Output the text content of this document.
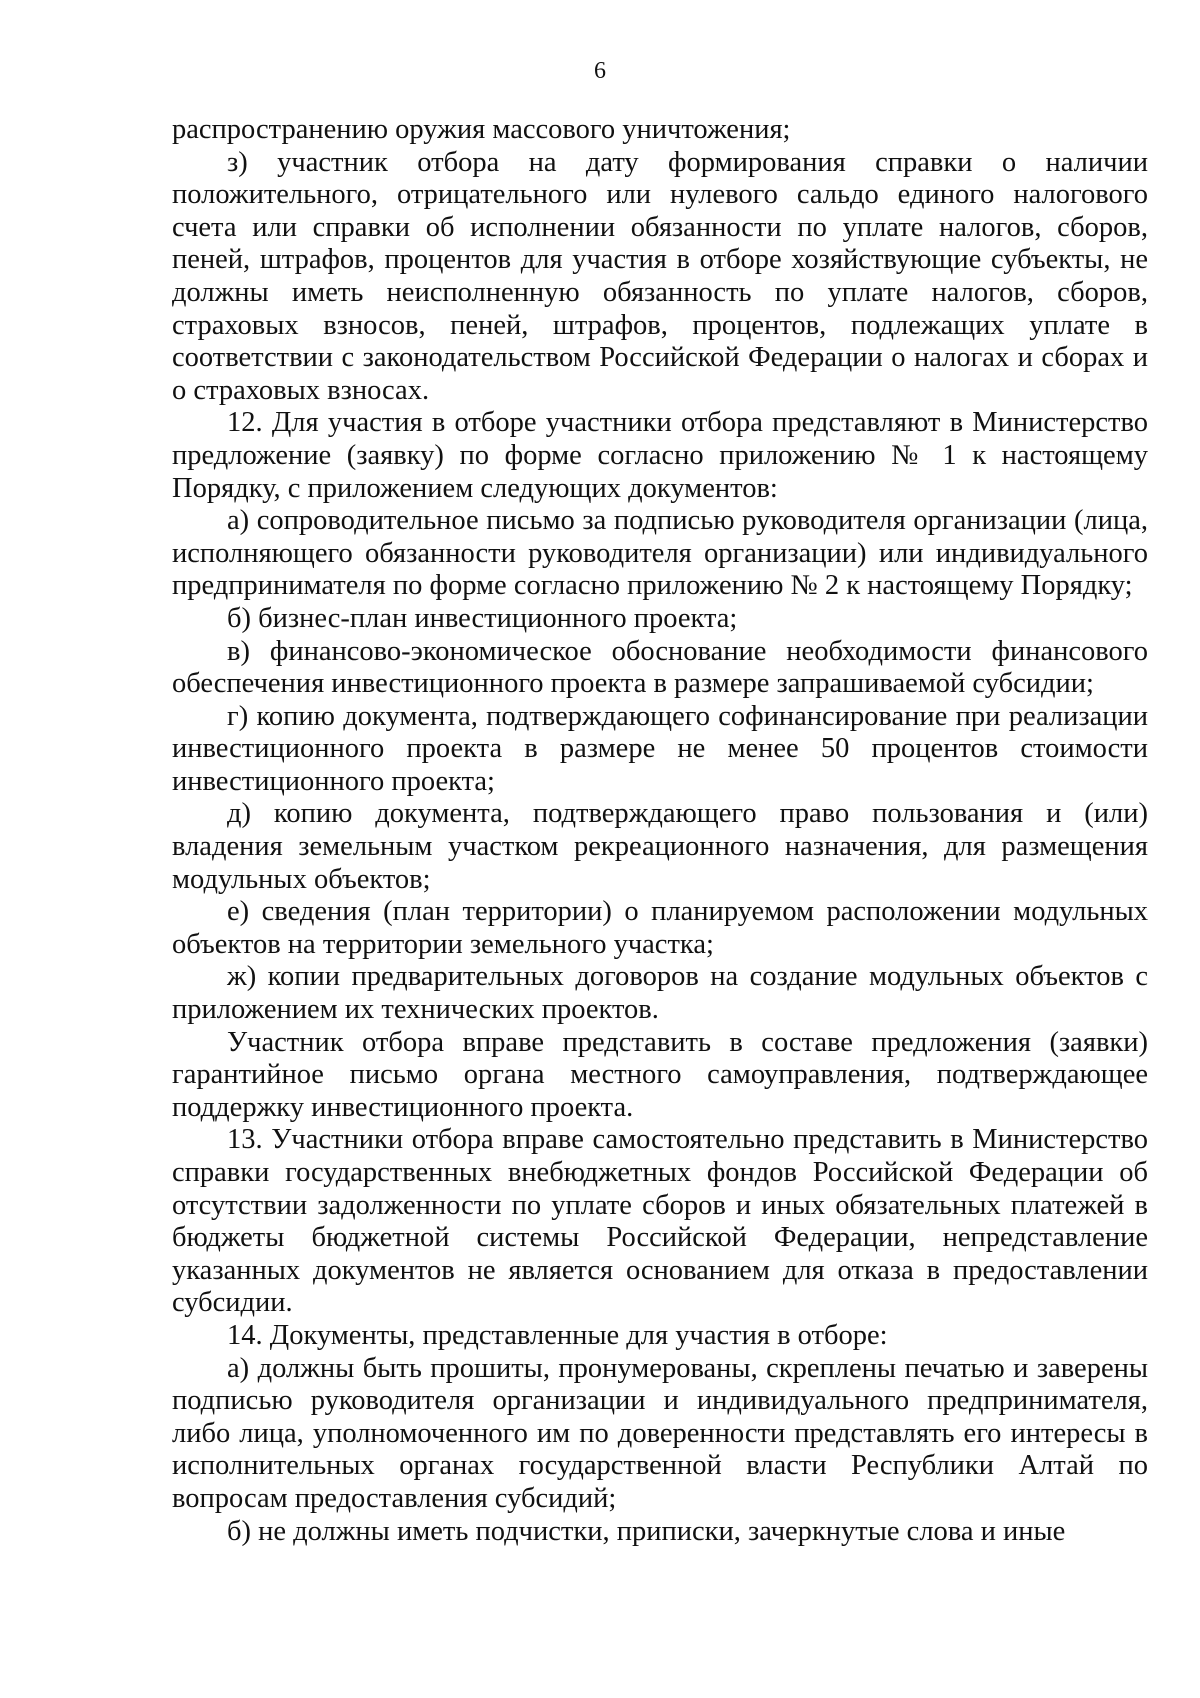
6

распространению оружия массового уничтожения;

з) участник отбора на дату формирования справки о наличии положительного, отрицательного или нулевого сальдо единого налогового счета или справки об исполнении обязанности по уплате налогов, сборов, пеней, штрафов, процентов для участия в отборе хозяйствующие субъекты, не должны иметь неисполненную обязанность по уплате налогов, сборов, страховых взносов, пеней, штрафов, процентов, подлежащих уплате в соответствии с законодательством Российской Федерации о налогах и сборах и о страховых взносах.

12. Для участия в отборе участники отбора представляют в Министерство предложение (заявку) по форме согласно приложению № 1 к настоящему Порядку, с приложением следующих документов:

а) сопроводительное письмо за подписью руководителя организации (лица, исполняющего обязанности руководителя организации) или индивидуального предпринимателя по форме согласно приложению № 2 к настоящему Порядку;

б) бизнес-план инвестиционного проекта;

в) финансово-экономическое обоснование необходимости финансового обеспечения инвестиционного проекта в размере запрашиваемой субсидии;

г) копию документа, подтверждающего софинансирование при реализации инвестиционного проекта в размере не менее 50 процентов стоимости инвестиционного проекта;

д) копию документа, подтверждающего право пользования и (или) владения земельным участком рекреационного назначения, для размещения модульных объектов;

е) сведения (план территории) о планируемом расположении модульных объектов на территории земельного участка;

ж) копии предварительных договоров на создание модульных объектов с приложением их технических проектов.

Участник отбора вправе представить в составе предложения (заявки) гарантийное письмо органа местного самоуправления, подтверждающее поддержку инвестиционного проекта.

13. Участники отбора вправе самостоятельно представить в Министерство справки государственных внебюджетных фондов Российской Федерации об отсутствии задолженности по уплате сборов и иных обязательных платежей в бюджеты бюджетной системы Российской Федерации, непредставление указанных документов не является основанием для отказа в предоставлении субсидии.

14. Документы, представленные для участия в отборе:

а) должны быть прошиты, пронумерованы, скреплены печатью и заверены подписью руководителя организации и индивидуального предпринимателя, либо лица, уполномоченного им по доверенности представлять его интересы в исполнительных органах государственной власти Республики Алтай по вопросам предоставления субсидий;

б) не должны иметь подчистки, приписки, зачеркнутые слова и иные
